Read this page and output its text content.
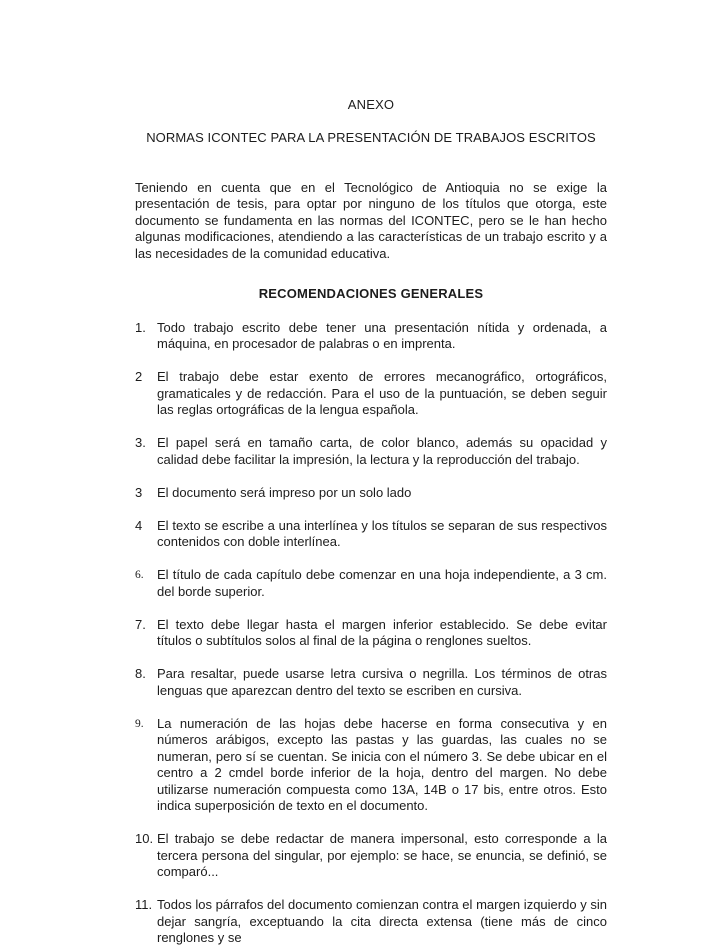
ANEXO
NORMAS ICONTEC PARA LA PRESENTACIÓN DE TRABAJOS ESCRITOS

Teniendo en cuenta que en el Tecnológico de Antioquia no se exige la presentación de tesis, para optar por ninguno de los títulos que otorga, este documento se fundamenta en las normas del ICONTEC, pero se le han hecho algunas modificaciones, atendiendo a las características de un trabajo escrito y a las necesidades de la comunidad educativa.

RECOMENDACIONES GENERALES
1. Todo trabajo escrito debe tener una presentación nítida y ordenada, a máquina, en procesador de palabras o en imprenta.
2	El trabajo debe estar exento de errores mecanográfico, ortográficos, gramaticales y de redacción. Para el uso de la puntuación, se deben seguir las reglas ortográficas de la lengua española.
3. El papel será en tamaño carta, de color blanco, además su opacidad y calidad debe facilitar la impresión, la lectura y la reproducción del trabajo.
3	El documento será impreso por un solo lado
4	El texto se escribe a una interlínea y los títulos se separan de sus respectivos contenidos con doble interlínea.
6.	El título de cada capítulo debe comenzar en una hoja independiente, a 3 cm. del borde superior.
7. El texto debe llegar hasta el margen inferior establecido. Se debe evitar títulos o subtítulos solos al final de la página o renglones sueltos.
8. Para resaltar, puede usarse letra cursiva o negrilla. Los términos de otras lenguas que aparezcan dentro del texto se escriben en cursiva.
9.	La numeración de las hojas debe hacerse en forma consecutiva y en números arábigos, excepto las pastas y las guardas, las cuales no se numeran, pero sí se cuentan. Se inicia con el número 3. Se debe ubicar en el centro a 2 cmdel borde inferior de la hoja, dentro del margen. No debe utilizarse numeración compuesta como 13A, 14B o 17 bis, entre otros. Esto indica superposición de texto en el documento.
10. El trabajo se debe redactar de manera impersonal, esto corresponde a la tercera persona del singular, por ejemplo: se hace, se enuncia, se definió, se comparó...
11. Todos los párrafos del documento comienzan contra el margen izquierdo y sin dejar sangría, exceptuando la cita directa extensa (tiene más de cinco renglones y se
